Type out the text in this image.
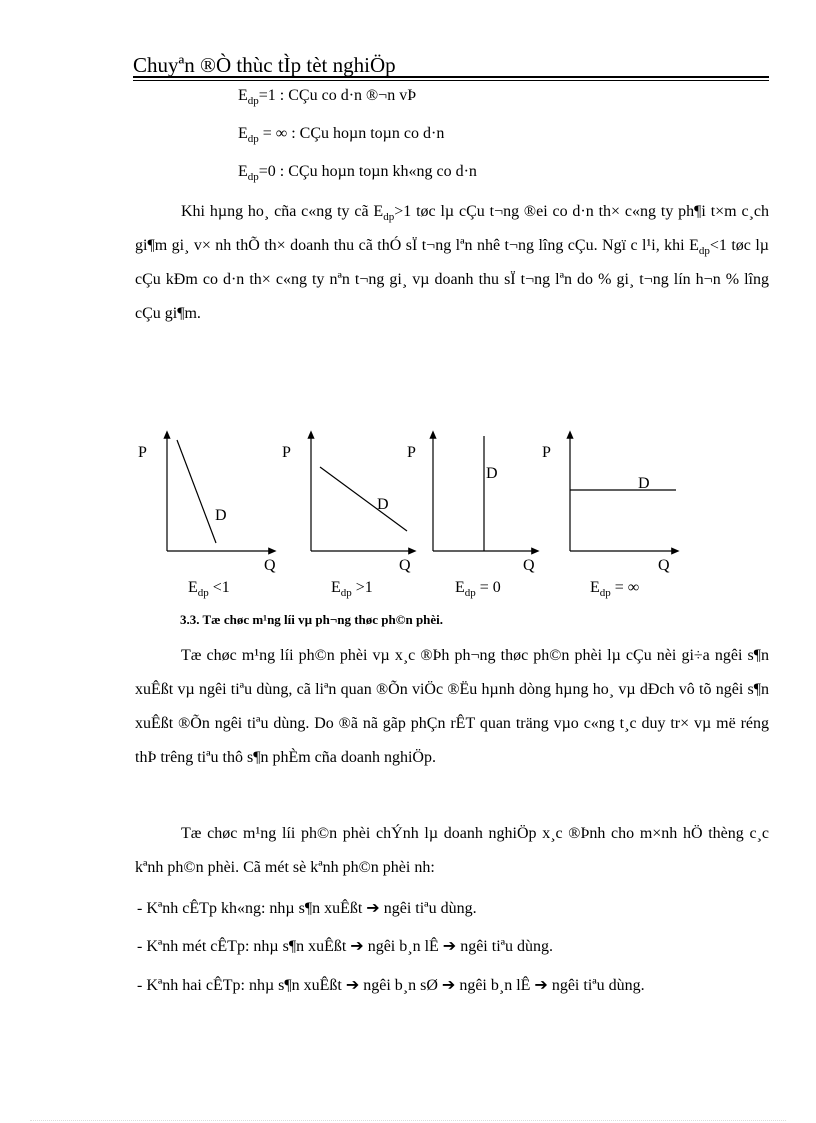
Chuyªn ®Ò thùc tÌp tèt nghiÖp
$E_{dp}=1$ : CÇu co d·n ®¬n vÞ
$E_{dp}$ = ∞ : CÇu hoµn toµn co d·n
$E_{dp}=0$ : CÇu hoµn toµn kh«ng co d·n
Khi hµng ho¸ cña c«ng ty cã $E_{dp}>1$ tøc lµ cÇu t¬ng ®ei co d·n th× c«ng ty ph¶i t×m c¸ch gi¶m gi¸ v× nh thÕ th× doanh thu cã thÓ sÏ t¬ng lªn nhê t¬ng lîng cÇu. Ngï c l¹i, khi $E_{dp}<1$ tøc lµ cÇu kÐm co d·n th× c«ng ty nªn t¬ng gi¸ vµ doanh thu sÏ t¬ng lªn do % gi¸ t¬ng lín h¬n % lîng cÇu gi¶m.
P
Q
D
P
Q
D
P
Q
D
P
Q
D
$E_{dp} <1$	$E_{dp} >1$	$E_{dp} = 0$	$E_{dp}$ = ∞
3.3. Tæ chøc m¹ng líi vµ ph¬ng thøc ph©n phèi.
Tæ chøc m¹ng líi ph©n phèi vµ x¸c ®Þh ph¬ng thøc ph©n phèi lµ cÇu nèi gi÷a ngêi s¶n xuÊßt vµ ngêi tiªu dùng, cã liªn quan ®Õn viÖc ®Ëu hµnh dòng hµng ho¸ vµ dÐch vô tõ ngêi s¶n xuÊßt ®Õn ngêi tiªu dùng. Do ®ã nã gãp phÇn rÊT quan träng vµo c«ng t¸c duy tr× vµ më réng thÞ trêng tiªu thô s¶n phÈm cña doanh nghiÖp.
Tæ chøc m¹ng líi ph©n phèi chÝnh lµ doanh nghiÖp x¸c ®Þnh cho m×nh hÖ thèng c¸c kªnh ph©n phèi. Cã mét sè kªnh ph©n phèi nh:
- Kªnh cÊTp kh«ng: nhµ s¶n xuÊßt ➔ ngêi tiªu dùng.
- Kªnh mét cÊTp: nhµ s¶n xuÊßt ➔ ngêi b¸n lÊ ➔ ngêi tiªu dùng.
- Kªnh hai cÊTp: nhµ s¶n xuÊßt ➔ ngêi b¸n sØ ➔ ngêi b¸n lÊ ➔ ngêi tiªu dùng.
